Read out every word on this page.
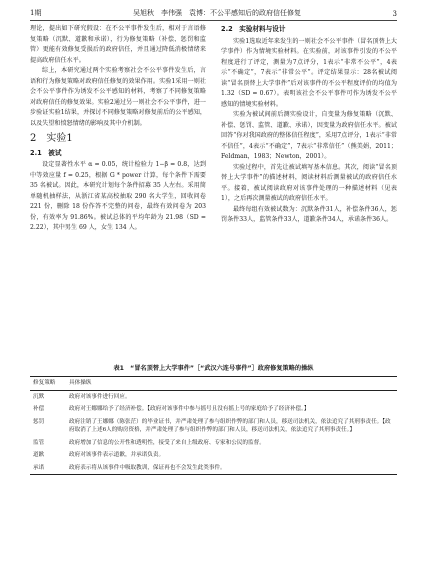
1期	吴旭秋　李伟强　袁博：不公平感知后的政府信任修复	3

理论，提出如下研究假设：在不公平事件发生后，相对于言语修复策略（沉默、道歉和承诺），行为修复策略（补偿、惩罚和监管）更能有效修复受损后的政府信任，并且通过降低消极情绪来提高政府信任水平。

综上，本研究通过两个实验考察社会不公平事件发生后，言语和行为修复策略对政府信任修复的效果作用。实验1采用一则社会不公平事件作为诱发不公平感知的材料，考察了不同修复策略对政府信任的修复效果。实验2通过另一则社会不公平事件，进一步验证实验1结果，并探讨不同修复策略对修复前后的公平感知，以及失望和愤怒情绪的影响及其中介机制。

2　实验1
2.1　被试

设定显著性水平 α = 0.05，统计检验力 1−β = 0.8，达到中等效应量 f = 0.25，根据 G * power 计算，每个条件下需要 35 名被试。因此，本研究计划每个条件招募 35 人左右。采用简单随机抽样法，从浙江省某高校抽取 290 名大学生，回收问卷 221 份，删除 18 份作答不完整的问卷，最终有效问卷为 203 份，有效率为 91.86%。被试总体的平均年龄为 21.98（SD = 2.22），其中男生 69 人，女生 134 人。

2.2　实验材料与设计

实验1选取近年来发生的一则社会不公平事件（冒名顶替上大学事件）作为情境实验材料。在实验前，对该事件引发的不公平程度进行了评定，测量为7点评分，1表示“非常不公平”，4表示“不确定”，7表示“非常公平”。评定结果显示：28名被试阅读“冒名顶替上大学事件”后对该事件的不公平程度评价的均值为1.32（SD = 0.67）。表明该社会不公平事件可作为诱发不公平感知的情境实验材料。

实验为被试间前后测实验设计，自变量为修复策略（沉默、补偿、惩罚、监管、道歉、承诺），因变量为政府信任水平。被试回答“你对我国政府的整体信任程度”，采用7点评分，1表示“非常不信任”，4表示“不确定”，7表示“非常信任”（熊美娟，2011；Feldman，1983；Newton，2001）。

实验过程中，首先让被试填写基本信息。其次，阅读“冒名顶替上大学事件”的描述材料，阅读材料后测量被试的政府信任水平。接着，被试阅读政府对该事件处理的一种描述材料（见表1），之后再次测量被试的政府信任水平。

最终每组有效被试数为：沉默条件31人，补偿条件36人，惩罚条件33人，监管条件33人，道歉条件34人，承诺条件36人。

表1　“冒名顶替上大学事件”［“武汉六连号事件”］政府修复策略的操纵
修复策略	具体操纵
沉默	政府对该事件进行回应。
补偿	政府对王娜娜给予了经济补偿。【政府对该事件中参与摇号且没有摇上号的家庭给予了经济补偿。】
惩罚	政府注销了王娜娜（陈张茫）的毕业证书，并严肃处理了参与组织作弊的部门和人员，移送司法机关，依法追究了其刑事责任。【政府取消了上述6人的购房资格，并严肃处理了参与组织作弊的部门和人员，移送司法机关，依法追究了其刑事责任。】
监管	政府增加了信息的公开性和透明性，接受了来自上级政府、专家和公民的监督。
道歉	政府对该事件表示道歉，并承诺负责。
承诺	政府表示将从该事件中吸取教训，保证再也不会发生此类事件。
